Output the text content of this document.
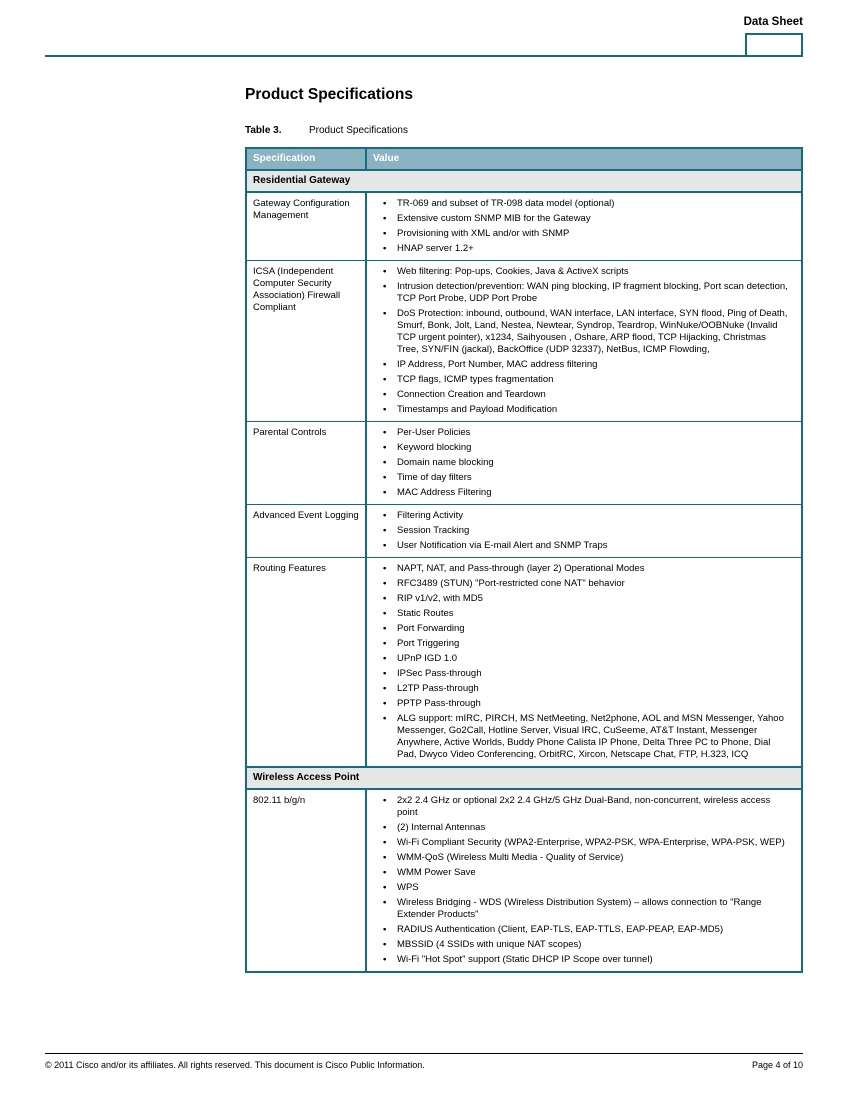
Data Sheet
Product Specifications
Table 3.	Product Specifications
Specification	Value
Residential Gateway
Gateway Configuration Management
•	TR-069 and subset of TR-098 data model (optional)
•	Extensive custom SNMP MIB for the Gateway
•	Provisioning with XML and/or with SNMP
•	HNAP server 1.2+
ICSA (Independent Computer Security Association) Firewall Compliant
•	Web filtering: Pop-ups, Cookies, Java & ActiveX scripts
•	Intrusion detection/prevention: WAN ping blocking, IP fragment blocking, Port scan detection, TCP Port Probe, UDP Port Probe
•	DoS Protection: inbound, outbound, WAN interface, LAN interface, SYN flood, Ping of Death, Smurf, Bonk, Jolt, Land, Nestea, Newtear, Syndrop, Teardrop, WinNuke/OOBNuke (Invalid TCP urgent pointer), x1234, Saihyousen , Oshare, ARP flood, TCP Hijacking, Christmas Tree, SYN/FIN (jackal), BackOffice (UDP 32337), NetBus, ICMP Flowding,
•	IP Address, Port Number, MAC address filtering
•	TCP flags, ICMP types fragmentation
•	Connection Creation and Teardown
•	Timestamps and Payload Modification
Parental Controls	•	Per-User Policies
•	Keyword blocking
•	Domain name blocking
•	Time of day filters
•	MAC Address Filtering
Advanced Event Logging	•	Filtering Activity
•	Session Tracking
•	User Notification via E-mail Alert and SNMP Traps
Routing Features	•	NAPT, NAT, and Pass-through (layer 2) Operational Modes
•	RFC3489 (STUN) "Port-restricted cone NAT" behavior
•	RIP v1/v2, with MD5
•	Static Routes
•	Port Forwarding
•	Port Triggering
•	UPnP IGD 1.0
•	IPSec Pass-through
•	L2TP Pass-through
•	PPTP Pass-through
•	ALG support: mIRC, PIRCH, MS NetMeeting, Net2phone, AOL and MSN Messenger, Yahoo Messenger, Go2Call, Hotline Server, Visual IRC, CuSeeme, AT&T Instant, Messenger Anywhere, Active Worlds, Buddy Phone Calista IP Phone, Delta Three PC to Phone, Dial Pad, Dwyco Video Conferencing, OrbitRC, Xircon, Netscape Chat, FTP, H.323, ICQ
Wireless Access Point
802.11 b/g/n	•	2x2 2.4 GHz or optional 2x2 2.4 GHz/5 GHz Dual-Band, non-concurrent, wireless access point
•	(2) Internal Antennas
•	Wi-Fi Compliant Security (WPA2-Enterprise, WPA2-PSK, WPA-Enterprise, WPA-PSK, WEP)
•	WMM-QoS (Wireless Multi Media - Quality of Service)
•	WMM Power Save
•	WPS
•	Wireless Bridging - WDS (Wireless Distribution System) – allows connection to "Range Extender Products"
•	RADIUS Authentication (Client, EAP-TLS, EAP-TTLS, EAP-PEAP, EAP-MD5)
•	MBSSID (4 SSIDs with unique NAT scopes)
•	Wi-Fi "Hot Spot" support (Static DHCP IP Scope over tunnel)
© 2011 Cisco and/or its affiliates. All rights reserved. This document is Cisco Public Information.	Page 4 of 10
